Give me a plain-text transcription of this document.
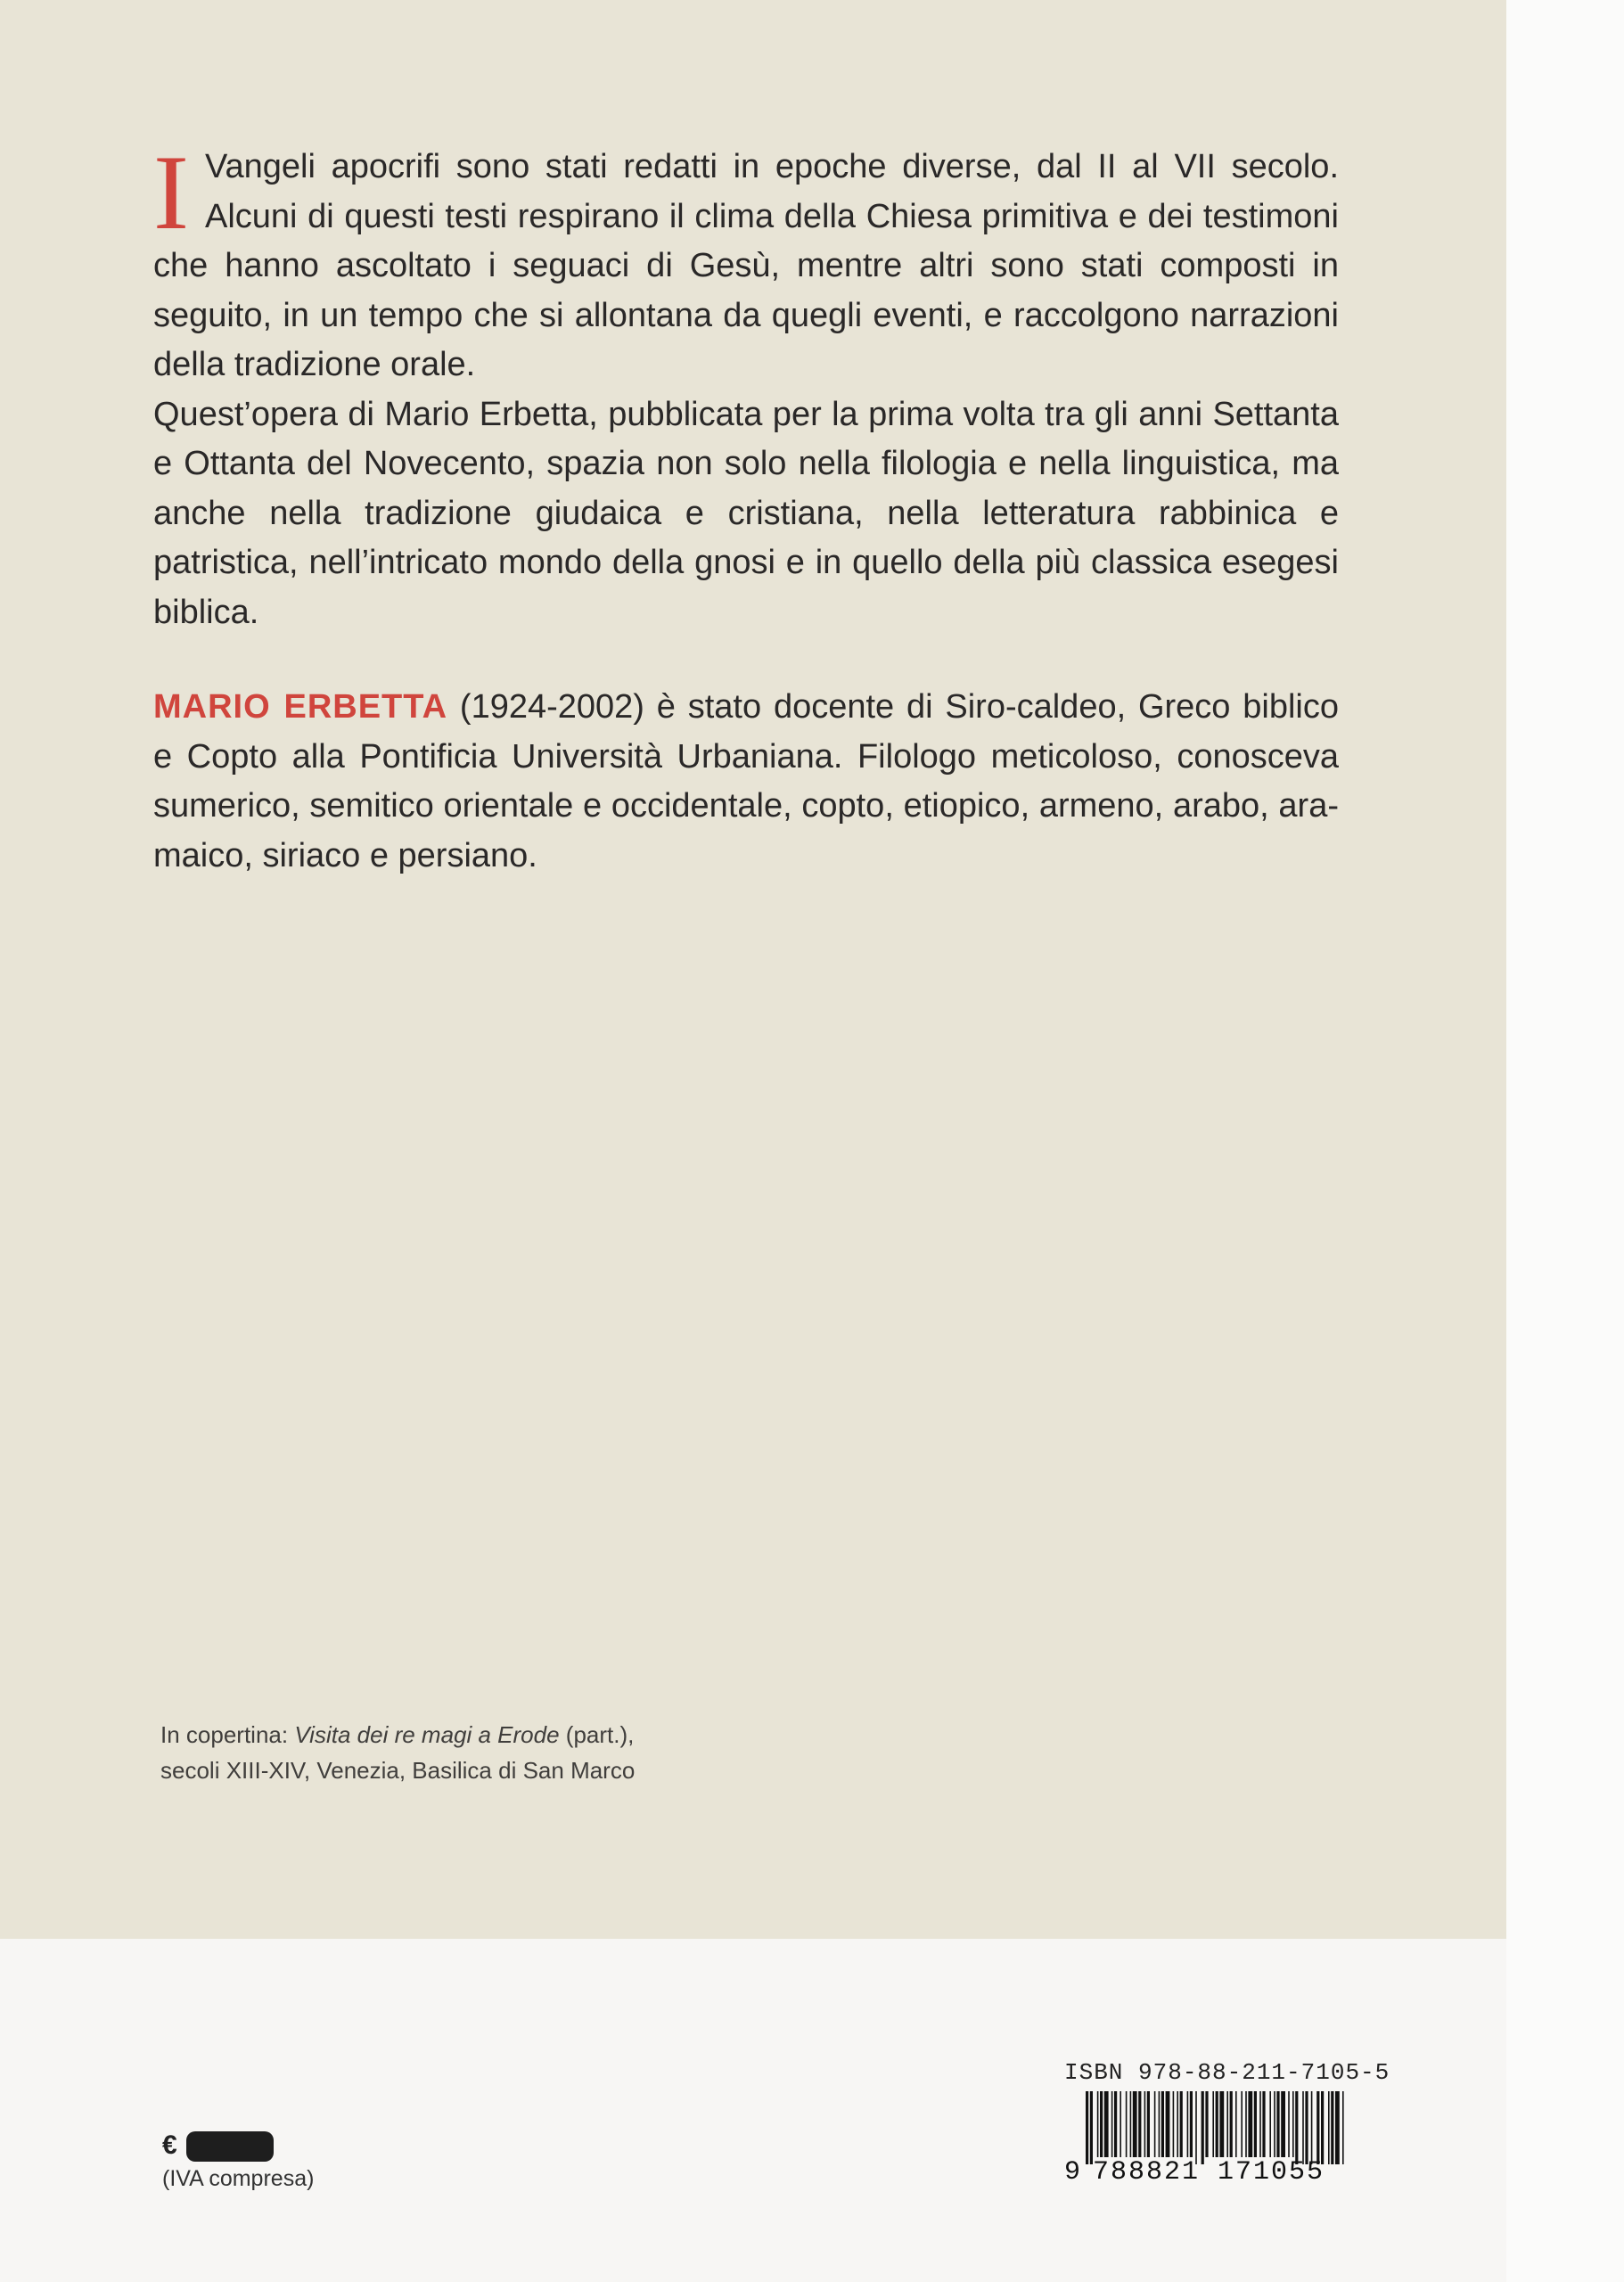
I Vangeli apocrifi sono stati redatti in epoche diverse, dal II al VII secolo. Alcuni di questi testi respirano il clima della Chiesa primitiva e dei testimoni che hanno ascoltato i seguaci di Gesù, mentre altri sono stati composti in seguito, in un tempo che si allontana da quegli eventi, e raccolgono narrazioni della tradizione orale.

Quest’opera di Mario Erbetta, pubblicata per la prima volta tra gli anni Settanta e Ottanta del Novecento, spazia non solo nella filologia e nella linguistica, ma anche nella tradizione giudaica e cristiana, nella letteratura rabbinica e patristica, nell’intricato mondo della gnosi e in quello della più classica esegesi biblica.

MARIO ERBETTA (1924-2002) è stato docente di Siro-caldeo, Greco biblico e Copto alla Pontificia Università Urbaniana. Filologo meticoloso, conosceva sumerico, semitico orientale e occidentale, copto, etiopico, armeno, arabo, aramaico, siriaco e persiano.

In copertina: Visita dei re magi a Erode (part.),
secoli XIII-XIV, Venezia, Basilica di San Marco
€
(IVA compresa)
ISBN 978-88-211-7105-5
9 788821 171055
